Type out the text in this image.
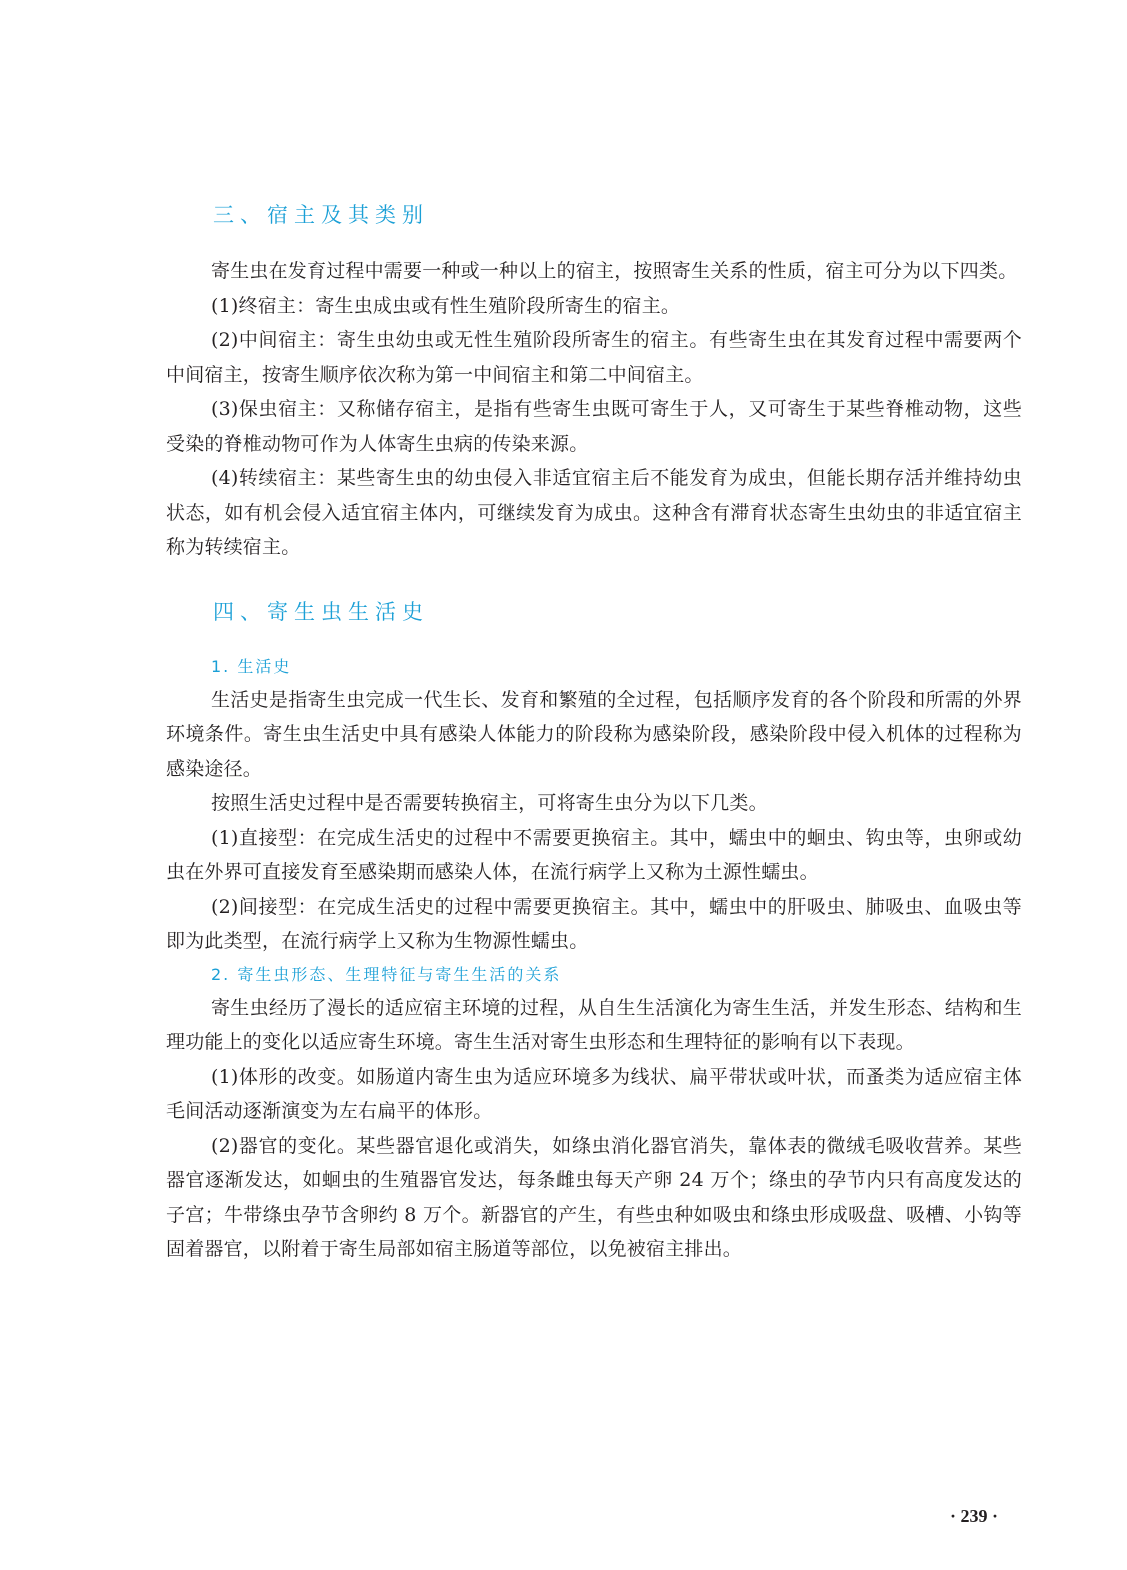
三、宿主及其类别

寄生虫在发育过程中需要一种或一种以上的宿主，按照寄生关系的性质，宿主可分为以下四类。

(1)终宿主：寄生虫成虫或有性生殖阶段所寄生的宿主。

(2)中间宿主：寄生虫幼虫或无性生殖阶段所寄生的宿主。有些寄生虫在其发育过程中需要两个中间宿主，按寄生顺序依次称为第一中间宿主和第二中间宿主。

(3)保虫宿主：又称储存宿主，是指有些寄生虫既可寄生于人，又可寄生于某些脊椎动物，这些受染的脊椎动物可作为人体寄生虫病的传染来源。

(4)转续宿主：某些寄生虫的幼虫侵入非适宜宿主后不能发育为成虫，但能长期存活并维持幼虫状态，如有机会侵入适宜宿主体内，可继续发育为成虫。这种含有滞育状态寄生虫幼虫的非适宜宿主称为转续宿主。

四、寄生虫生活史
1. 生活史

生活史是指寄生虫完成一代生长、发育和繁殖的全过程，包括顺序发育的各个阶段和所需的外界环境条件。寄生虫生活史中具有感染人体能力的阶段称为感染阶段，感染阶段中侵入机体的过程称为感染途径。

按照生活史过程中是否需要转换宿主，可将寄生虫分为以下几类。

(1)直接型：在完成生活史的过程中不需要更换宿主。其中，蠕虫中的蛔虫、钩虫等，虫卵或幼虫在外界可直接发育至感染期而感染人体，在流行病学上又称为土源性蠕虫。

(2)间接型：在完成生活史的过程中需要更换宿主。其中，蠕虫中的肝吸虫、肺吸虫、血吸虫等即为此类型，在流行病学上又称为生物源性蠕虫。

2. 寄生虫形态、生理特征与寄生生活的关系

寄生虫经历了漫长的适应宿主环境的过程，从自生生活演化为寄生生活，并发生形态、结构和生理功能上的变化以适应寄生环境。寄生生活对寄生虫形态和生理特征的影响有以下表现。

(1)体形的改变。如肠道内寄生虫为适应环境多为线状、扁平带状或叶状，而蚤类为适应宿主体毛间活动逐渐演变为左右扁平的体形。

(2)器官的变化。某些器官退化或消失，如绦虫消化器官消失，靠体表的微绒毛吸收营养。某些器官逐渐发达，如蛔虫的生殖器官发达，每条雌虫每天产卵 24 万个；绦虫的孕节内只有高度发达的子宫；牛带绦虫孕节含卵约 8 万个。新器官的产生，有些虫种如吸虫和绦虫形成吸盘、吸槽、小钩等固着器官，以附着于寄生局部如宿主肠道等部位，以免被宿主排出。

· 239 ·
